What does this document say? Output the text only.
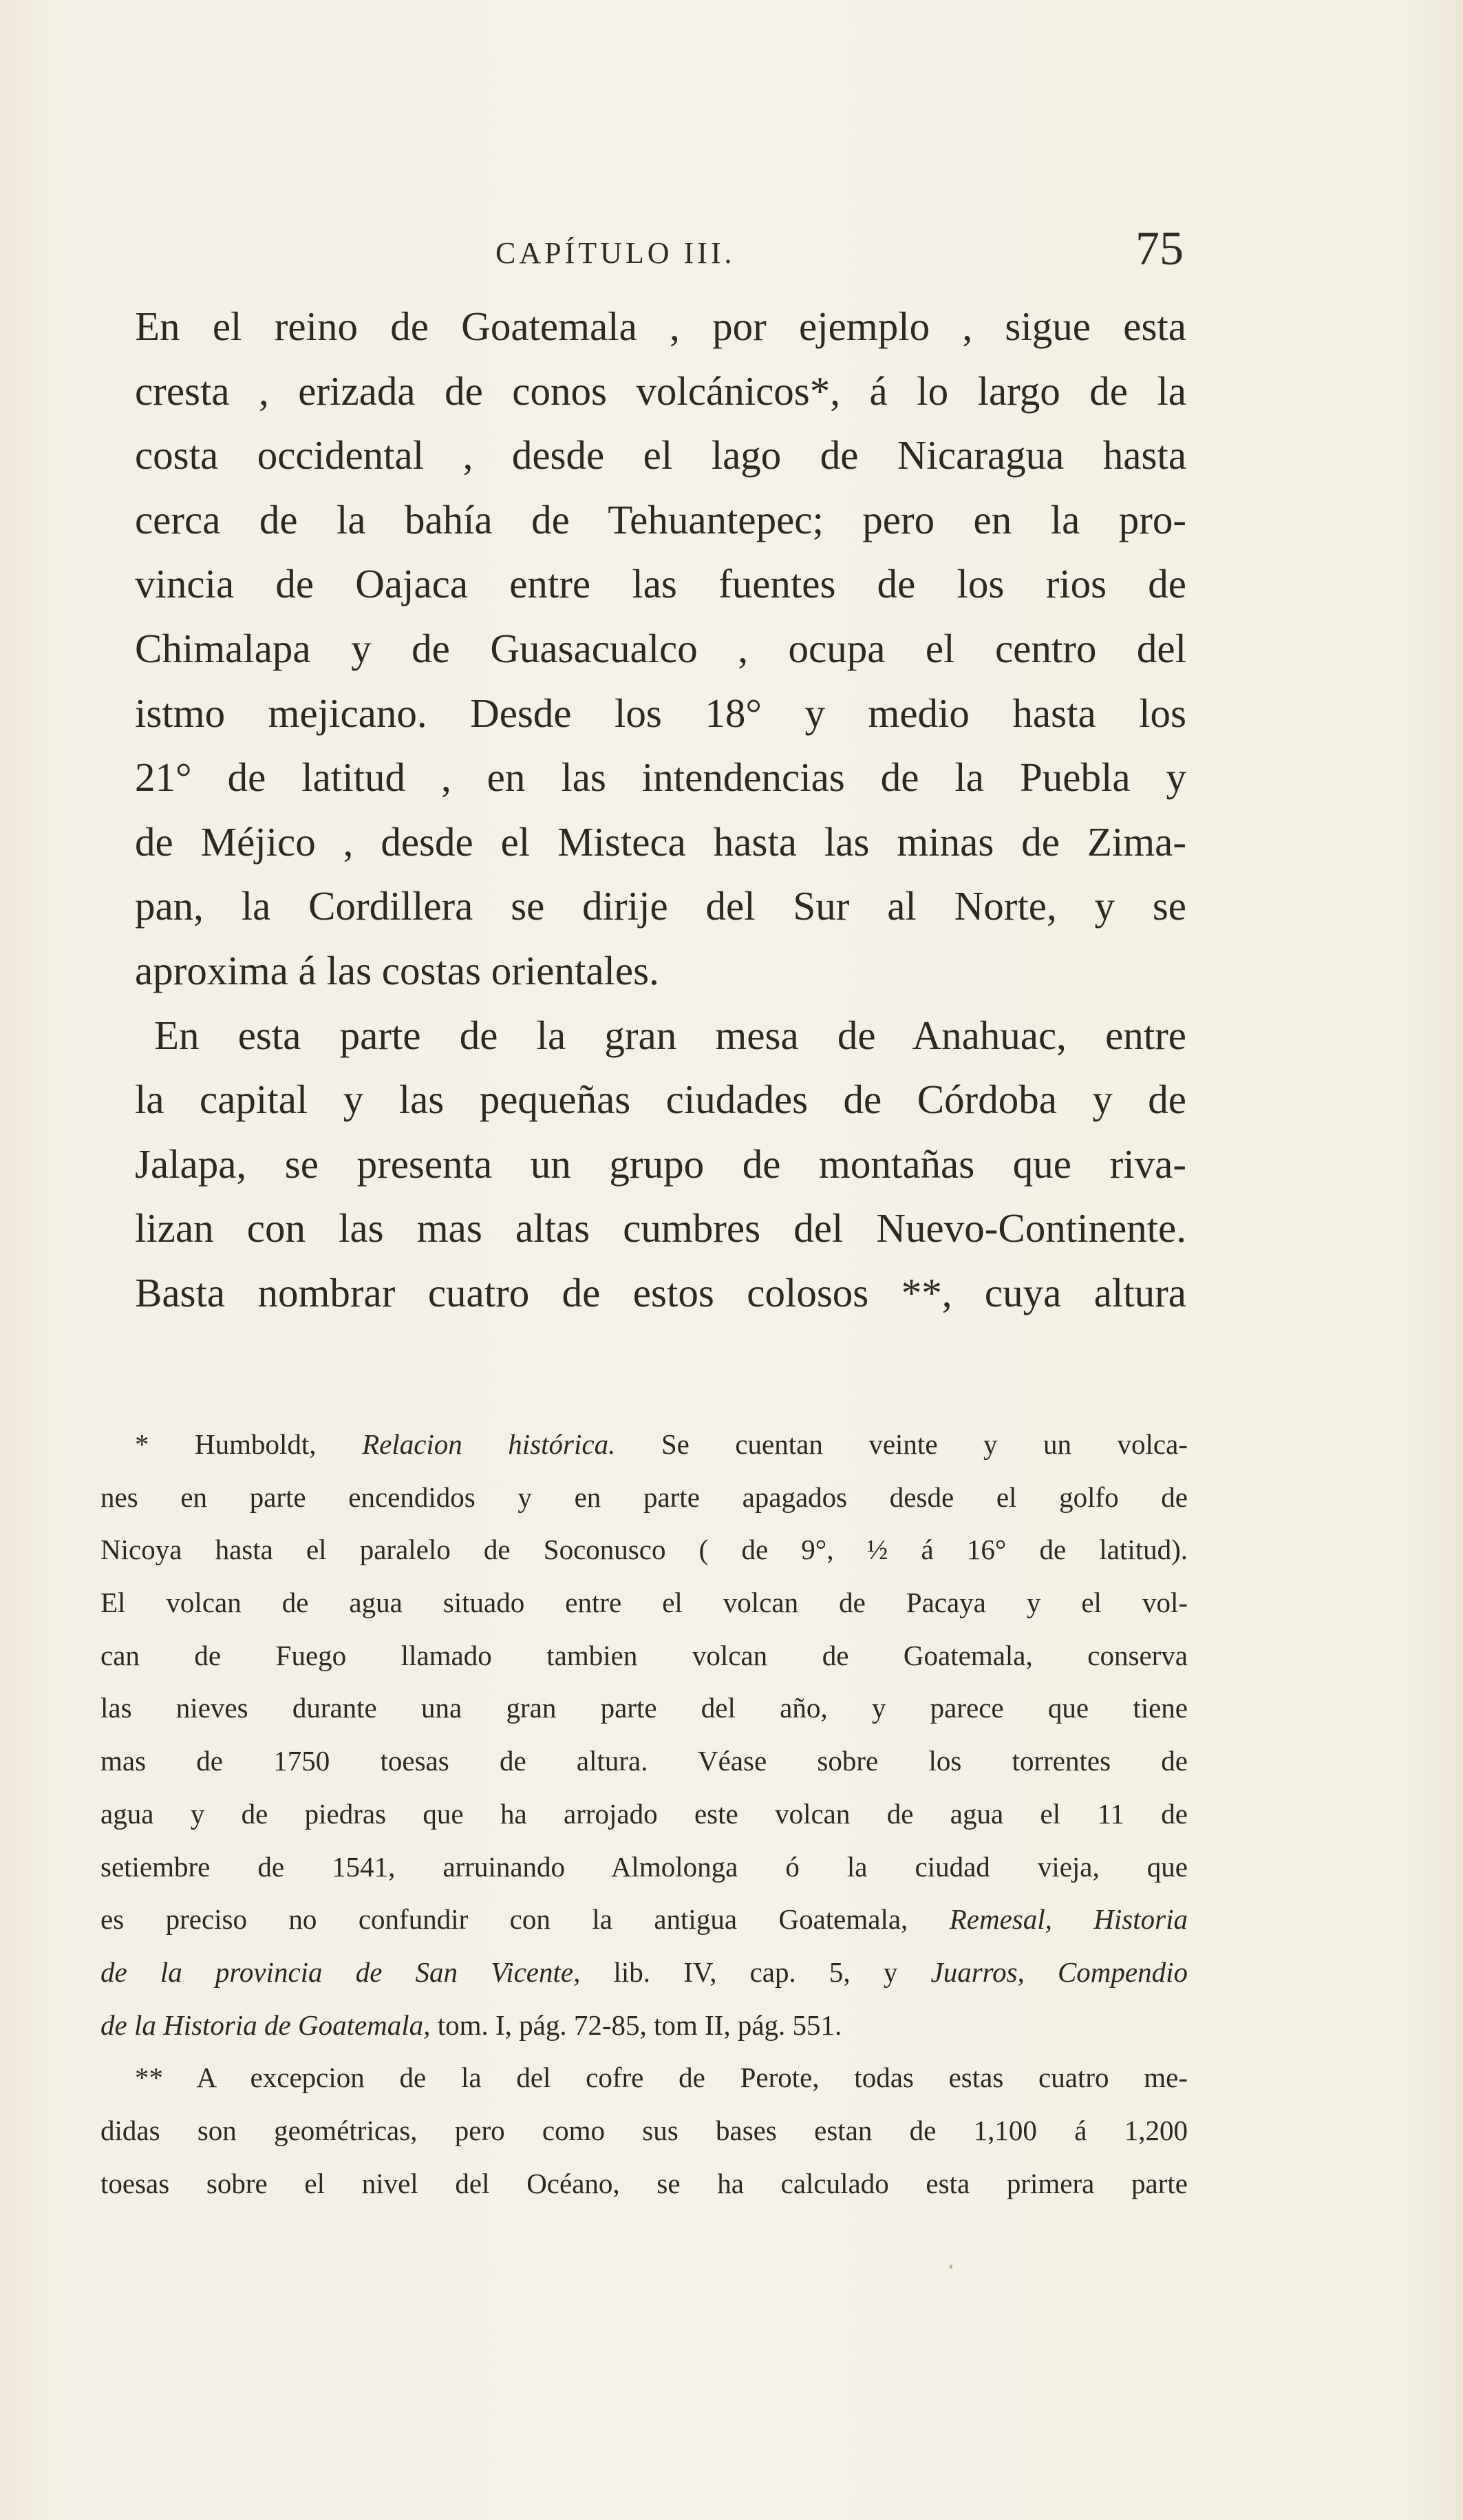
CAPÍTULO III.	75
En el reino de Goatemala , por ejemplo , sigue esta
cresta , erizada de conos volcánicos*, á lo largo de la
costa occidental , desde el lago de Nicaragua hasta
cerca de la bahía de Tehuantepec; pero en la pro-
vincia de Oajaca entre las fuentes de los rios de
Chimalapa y de Guasacualco , ocupa el centro del
istmo mejicano. Desde los 18° y medio hasta los
21° de latitud , en las intendencias de la Puebla y
de Méjico , desde el Misteca hasta las minas de Zima-
pan, la Cordillera se dirije del Sur al Norte, y se
aproxima á las costas orientales.
En esta parte de la gran mesa de Anahuac, entre
la capital y las pequeñas ciudades de Córdoba y de
Jalapa, se presenta un grupo de montañas que riva-
lizan con las mas altas cumbres del Nuevo-Continente.
Basta nombrar cuatro de estos colosos **, cuya altura
* Humboldt, Relacion histórica. Se cuentan veinte y un volca-
nes en parte encendidos y en parte apagados desde el golfo de
Nicoya hasta el paralelo de Soconusco ( de 9°, ½ á 16° de latitud).
El volcan de agua situado entre el volcan de Pacaya y el vol-
can de Fuego llamado tambien volcan de Goatemala, conserva
las nieves durante una gran parte del año, y parece que tiene
mas de 1750 toesas de altura. Véase sobre los torrentes de
agua y de piedras que ha arrojado este volcan de agua el 11 de
setiembre de 1541, arruinando Almolonga ó la ciudad vieja, que
es preciso no confundir con la antigua Goatemala, Remesal, Historia
de la provincia de San Vicente, lib. IV, cap. 5, y Juarros, Compendio
de la Historia de Goatemala, tom. I, pág. 72-85, tom II, pág. 551.
** A excepcion de la del cofre de Perote, todas estas cuatro me-
didas son geométricas, pero como sus bases estan de 1,100 á 1,200
toesas sobre el nivel del Océano, se ha calculado esta primera parte
